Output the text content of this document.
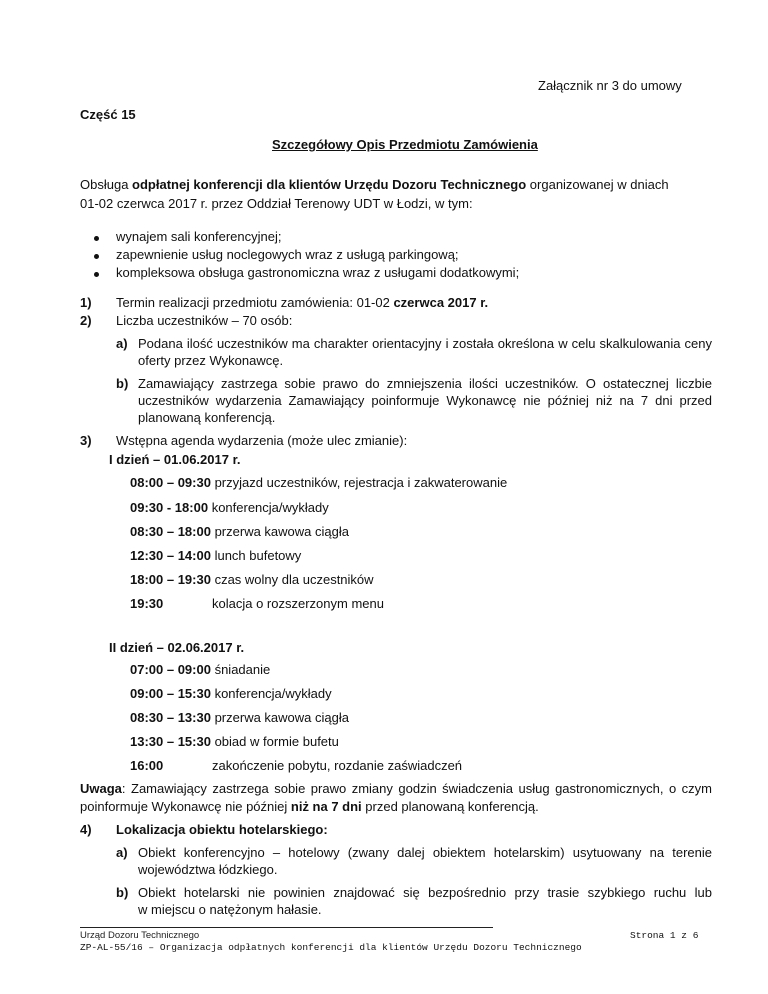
Załącznik nr 3 do umowy
Część 15
Szczegółowy Opis Przedmiotu Zamówienia
Obsługa odpłatnej konferencji dla klientów Urzędu Dozoru Technicznego organizowanej w dniach
01-02 czerwca 2017 r. przez Oddział Terenowy UDT w Łodzi, w tym:
wynajem sali konferencyjnej;
zapewnienie usług noclegowych wraz z usługą parkingową;
kompleksowa obsługa gastronomiczna wraz z usługami dodatkowymi;
1) Termin realizacji przedmiotu zamówienia: 01-02 czerwca 2017 r.
2) Liczba uczestników – 70 osób:
a) Podana ilość uczestników ma charakter orientacyjny i została określona w celu skalkulowania ceny
oferty przez Wykonawcę.
b) Zamawiający zastrzega sobie prawo do zmniejszenia ilości uczestników. O ostatecznej liczbie
uczestników wydarzenia Zamawiający poinformuje Wykonawcę nie później niż na 7 dni przed
planowaną konferencją.
3) Wstępna agenda wydarzenia (może ulec zmianie):
I dzień – 01.06.2017 r.
08:00 – 09:30 przyjazd uczestników, rejestracja i zakwaterowanie
09:30 - 18:00 konferencja/wykłady
08:30 – 18:00 przerwa kawowa ciągła
12:30 – 14:00 lunch bufetowy
18:00 – 19:30 czas wolny dla uczestników
19:30	kolacja o rozszerzonym menu
II dzień – 02.06.2017 r.
07:00 – 09:00 śniadanie
09:00 – 15:30 konferencja/wykłady
08:30 – 13:30 przerwa kawowa ciągła
13:30 – 15:30 obiad w formie bufetu
16:00	zakończenie pobytu, rozdanie zaświadczeń
Uwaga: Zamawiający zastrzega sobie prawo zmiany godzin świadczenia usług gastronomicznych, o czym
poinformuje Wykonawcę nie później niż na 7 dni przed planowaną konferencją.
4) Lokalizacja obiektu hotelarskiego:
a) Obiekt konferencyjno – hotelowy (zwany dalej obiektem hotelarskim) usytuowany na terenie
województwa łódzkiego.
b) Obiekt hotelarski nie powinien znajdować się bezpośrednio przy trasie szybkiego ruchu lub
w miejscu o natężonym hałasie.
Urząd Dozoru Technicznego
ZP-AL-55/16 – Organizacja odpłatnych konferencji dla klientów Urzędu Dozoru Technicznego
Strona 1 z 6
